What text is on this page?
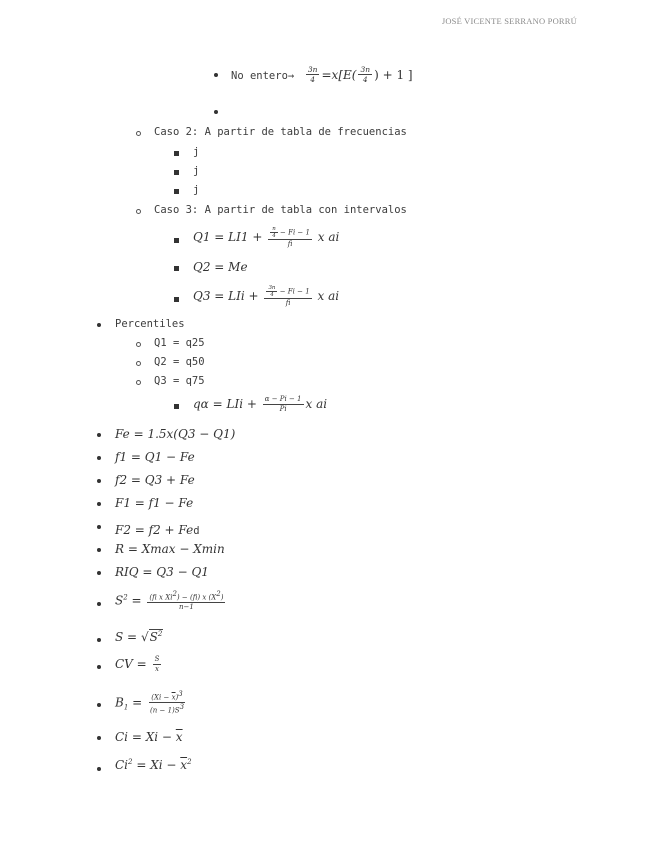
JOSÉ VICENTE SERRANO PORRÚ
No entero→ $\frac{3n}{4} =x[E( \frac{3n}{4}$ ) + 1 ]
Caso 2: A partir de tabla de frecuencias
j
j
j
Caso 3: A partir de tabla con intervalos
$Q1 = LI1 + \frac{\frac{n}{4} - Fi - 1}{fi}$ x ai
Q2 = Me
Q3 = LIi + $\frac{\frac{3n}{4} - Fi - 1}{fi}$ x ai
Percentiles
Q1 = q25
Q2 = q50
Q3 = q75
qα = LIi + $\frac{\alpha - Pi - 1}{Pi}$ x ai
Fe = 1.5x(Q3 − Q1)
f1 = Q1 − Fe
f2 = Q3 + Fe
F1 = f1 − Fe
F2 = f2 + Fed
R = Xmax − Xmin
RIQ = Q3 − Q1
$S^2 = \frac{(fi x Xi^2) - (fi) x (X^2)}{n-1}$
$S = √S^2$
CV = $\frac{S}{x}$
$B_1 = \frac{(Xi - \overline{x})^3}{(n - 1)S^3}$
$Ci = Xi - \overline{x}$
$Ci^2 = Xi - \overline{x}^2$
